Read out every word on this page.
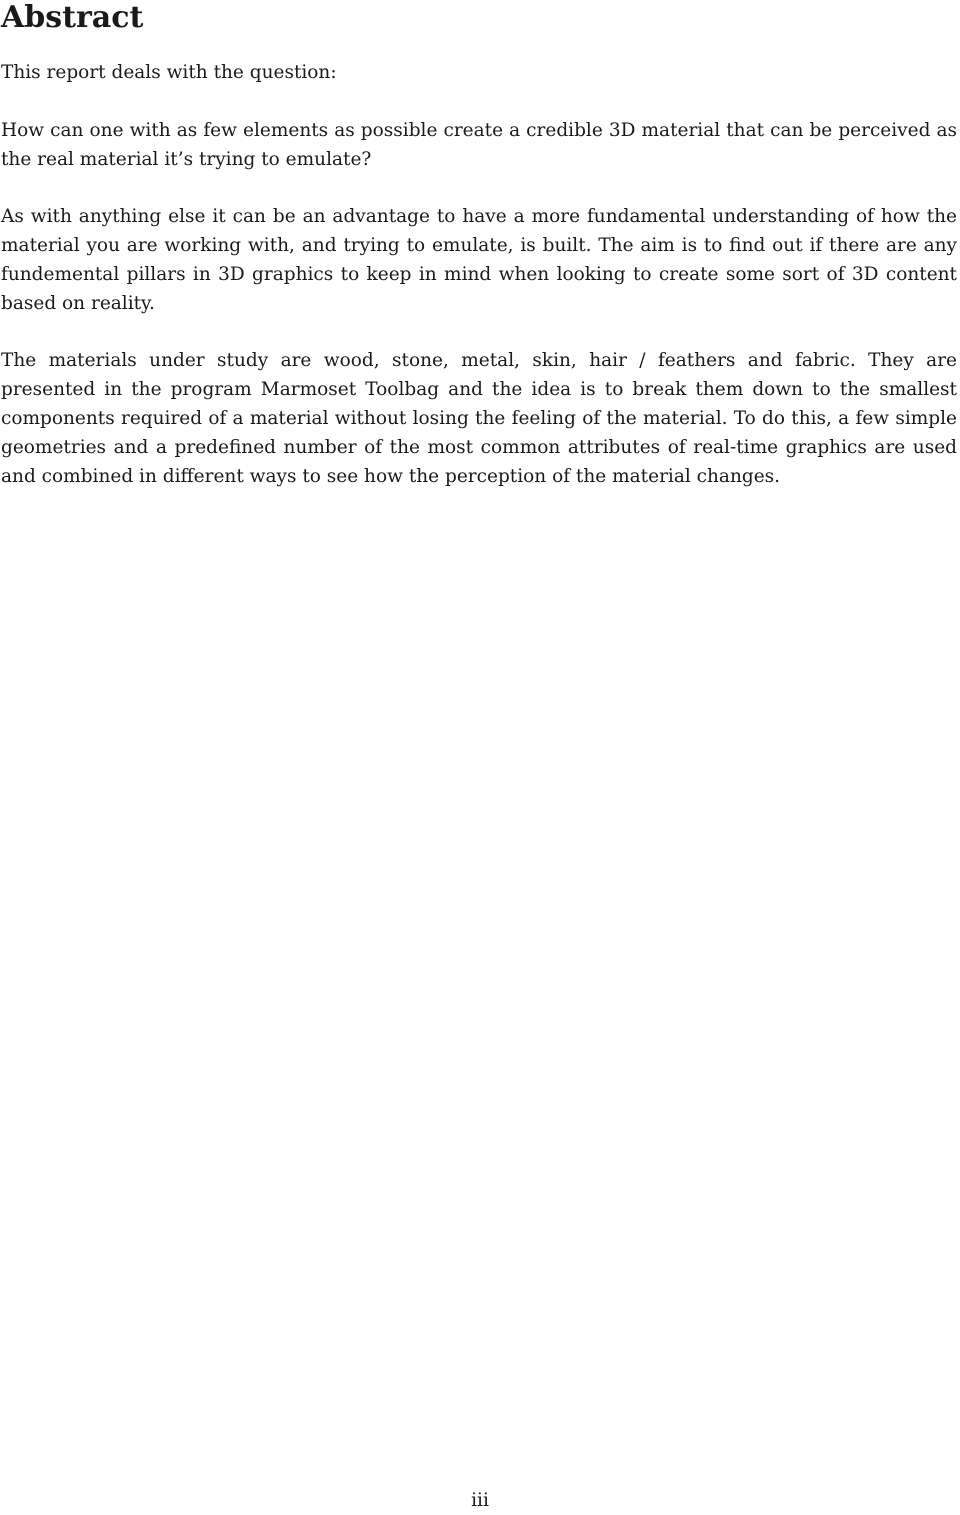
Abstract

This report deals with the question:

How can one with as few elements as possible create a credible 3D material that can be perceived as the real material it’s trying to emulate?

As with anything else it can be an advantage to have a more fundamental understanding of how the material you are working with, and trying to emulate, is built. The aim is to find out if there are any fundemental pillars in 3D graphics to keep in mind when looking to create some sort of 3D content based on reality.

The materials under study are wood, stone, metal, skin, hair / feathers and fabric. They are presented in the program Marmoset Toolbag and the idea is to break them down to the smallest components required of a material without losing the feeling of the material. To do this, a few simple geometries and a predefined number of the most common attributes of real-time graphics are used and combined in different ways to see how the perception of the material changes.

iii
